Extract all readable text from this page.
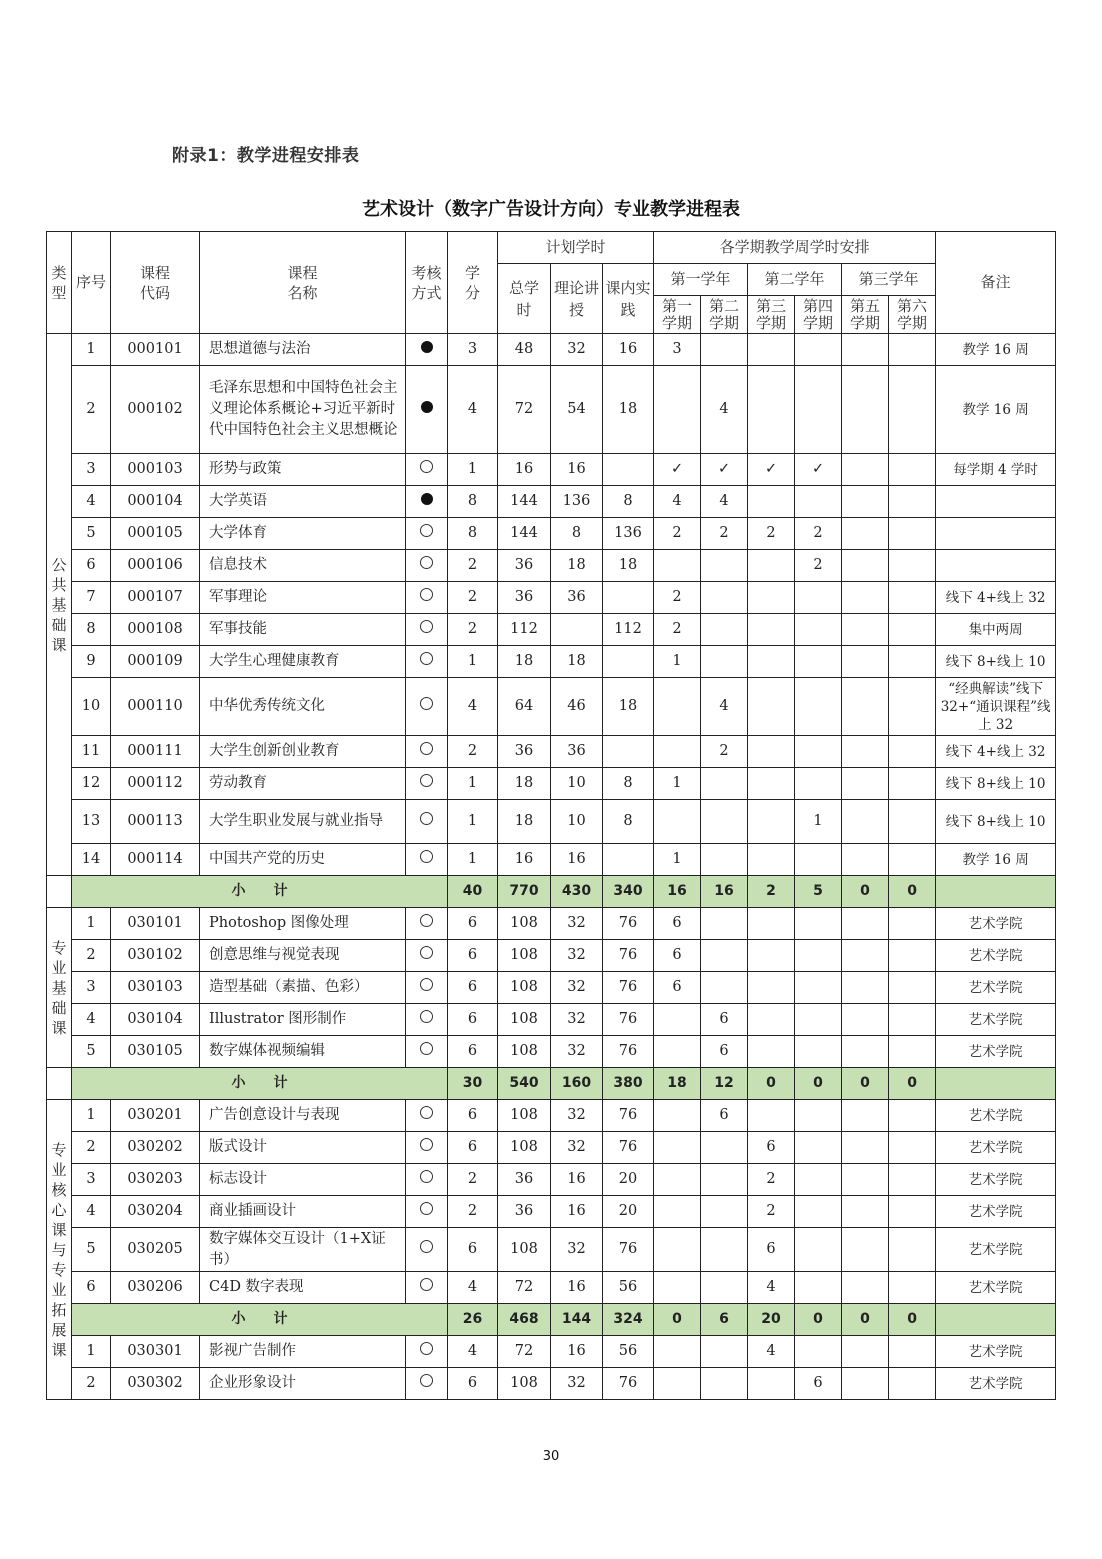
附录1：教学进程安排表
艺术设计（数字广告设计方向）专业教学进程表
类型	序号	课程代码	课程名称	考核方式	学分	计划学时			各学期教学周学时安排						备注

						总学时	理论讲授	课内实践	第一学年		第二学年		第三学年		

									第一学期	第二学期	第三学期	第四学期	第五学期	第六学期	

公共基础课	1	000101	思想道德与法治		3	48	32	16	3						教学 16 周
	2	000102	毛泽东思想和中国特色社会主义理论体系概论+习近平新时代中国特色社会主义思想概论		4	72	54	18		4					教学 16 周
	3	000103	形势与政策		1	16	16		✓	✓	✓	✓			每学期 4 学时
	4	000104	大学英语		8	144	136	8	4	4					
	5	000105	大学体育		8	144	8	136	2	2	2	2			
	6	000106	信息技术		2	36	18	18				2			
	7	000107	军事理论		2	36	36		2						线下 4+线上 32
	8	000108	军事技能		2	112		112	2						集中两周
	9	000109	大学生心理健康教育		1	18	18		1						线下 8+线上 10
	10	000110	中华优秀传统文化		4	64	46	18		4					“经典解读”线下 32+“通识课程”线上 32
	11	000111	大学生创新创业教育		2	36	36			2					线下 4+线上 32
	12	000112	劳动教育		1	18	10	8	1						线下 8+线上 10
	13	000113	大学生职业发展与就业指导		1	18	10	8				1			线下 8+线上 10
	14	000114	中国共产党的历史		1	16	16		1						教学 16 周
	小　　计				40	770	430	340	16	16	2	5	0	0	

专业基础课	1	030101	Photoshop 图像处理		6	108	32	76	6						艺术学院
	2	030102	创意思维与视觉表现		6	108	32	76	6						艺术学院
	3	030103	造型基础（素描、色彩）		6	108	32	76	6						艺术学院
	4	030104	Illustrator 图形制作		6	108	32	76		6					艺术学院
	5	030105	数字媒体视频编辑		6	108	32	76		6					艺术学院
	小　　计				30	540	160	380	18	12	0	0	0	0	

专业核心课与专业拓展课	1	030201	广告创意设计与表现		6	108	32	76		6					艺术学院
	2	030202	版式设计		6	108	32	76			6				艺术学院
	3	030203	标志设计		2	36	16	20			2				艺术学院
	4	030204	商业插画设计		2	36	16	20			2				艺术学院
	5	030205	数字媒体交互设计（1+X证书）		6	108	32	76			6				艺术学院
	6	030206	C4D 数字表现		4	72	16	56			4				艺术学院
	小　　计				26	468	144	324	0	6	20	0	0	0	
	1	030301	影视广告制作		4	72	16	56			4				艺术学院
	2	030302	企业形象设计		6	108	32	76				6			艺术学院
30
